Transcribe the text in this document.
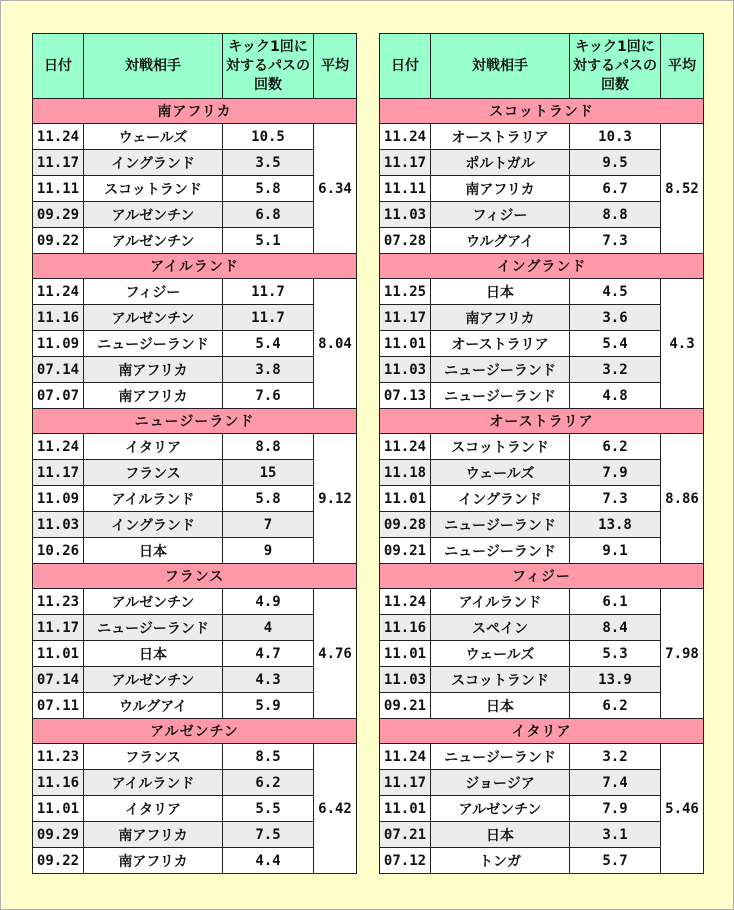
日付	対戦相手	キック1回に対するパスの回数	平均
南アフリカ			
11.24	ウェールズ	10.5	6.34
11.17	イングランド	3.5	
11.11	スコットランド	5.8	
09.29	アルゼンチン	6.8	
09.22	アルゼンチン	5.1	
アイルランド			
11.24	フィジー	11.7	8.04
11.16	アルゼンチン	11.7	
11.09	ニュージーランド	5.4	
07.14	南アフリカ	3.8	
07.07	南アフリカ	7.6	
ニュージーランド			
11.24	イタリア	8.8	9.12
11.17	フランス	15	
11.09	アイルランド	5.8	
11.03	イングランド	7	
10.26	日本	9	
フランス			
11.23	アルゼンチン	4.9	4.76
11.17	ニュージーランド	4	
11.01	日本	4.7	
07.14	アルゼンチン	4.3	
07.11	ウルグアイ	5.9	
アルゼンチン			
11.23	フランス	8.5	6.42
11.16	アイルランド	6.2	
11.01	イタリア	5.5	
09.29	南アフリカ	7.5	
09.22	南アフリカ	4.4	
日付	対戦相手	キック1回に対するパスの回数	平均
スコットランド			
11.24	オーストラリア	10.3	8.52
11.17	ポルトガル	9.5	
11.11	南アフリカ	6.7	
11.03	フィジー	8.8	
07.28	ウルグアイ	7.3	
イングランド			
11.25	日本	4.5	4.3
11.17	南アフリカ	3.6	
11.01	オーストラリア	5.4	
11.03	ニュージーランド	3.2	
07.13	ニュージーランド	4.8	
オーストラリア			
11.24	スコットランド	6.2	8.86
11.18	ウェールズ	7.9	
11.01	イングランド	7.3	
09.28	ニュージーランド	13.8	
09.21	ニュージーランド	9.1	
フィジー			
11.24	アイルランド	6.1	7.98
11.16	スペイン	8.4	
11.01	ウェールズ	5.3	
11.03	スコットランド	13.9	
09.21	日本	6.2	
イタリア			
11.24	ニュージーランド	3.2	5.46
11.17	ジョージア	7.4	
11.01	アルゼンチン	7.9	
07.21	日本	3.1	
07.12	トンガ	5.7	
